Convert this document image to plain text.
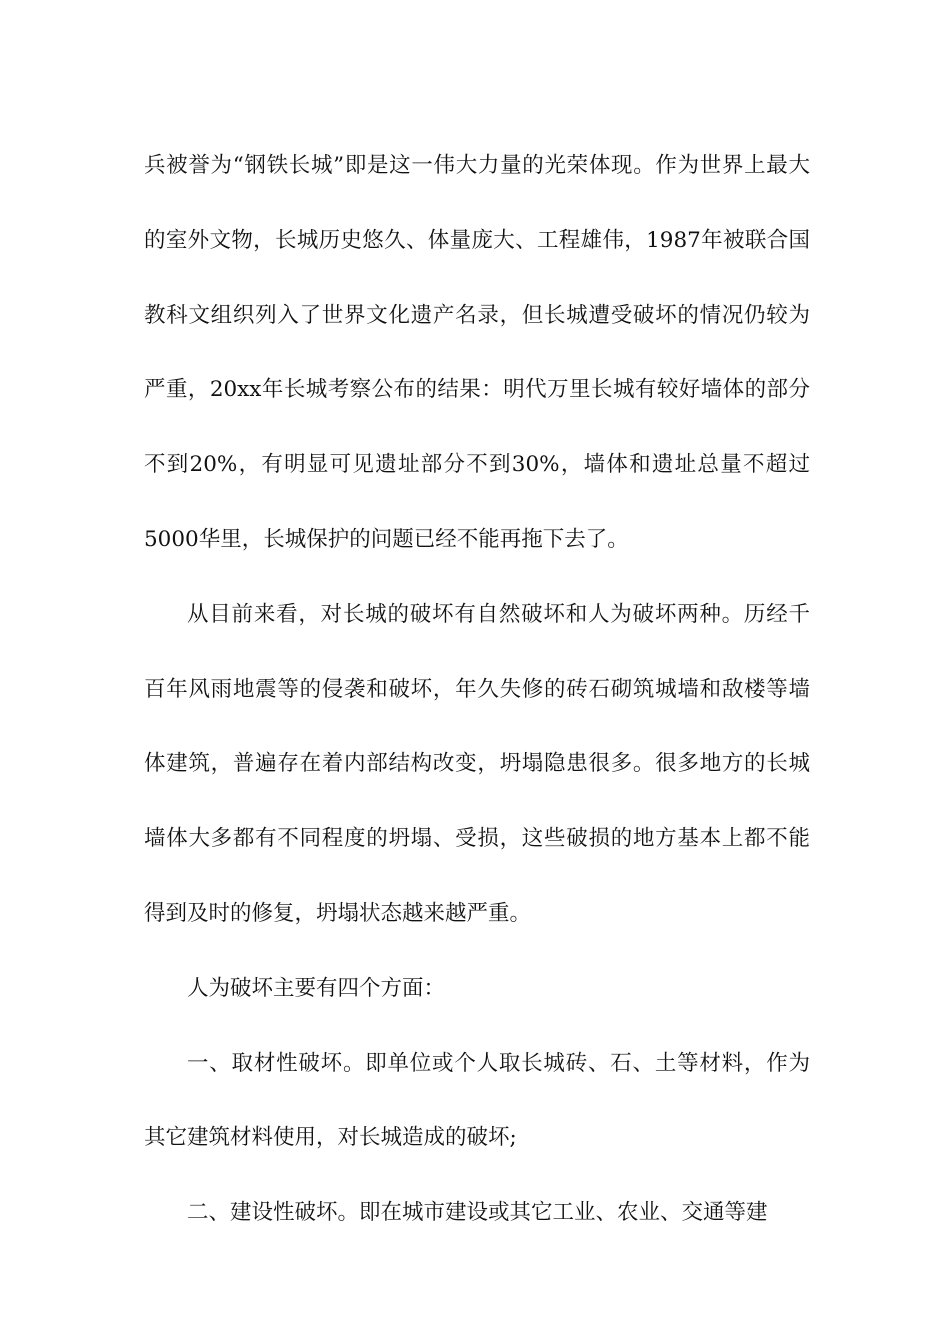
兵被誉为“钢铁长城”即是这一伟大力量的光荣体现。作为世界上最大的室外文物，长城历史悠久、体量庞大、工程雄伟，1987年被联合国教科文组织列入了世界文化遗产名录，但长城遭受破坏的情况仍较为严重，20xx年长城考察公布的结果：明代万里长城有较好墙体的部分不到20%，有明显可见遗址部分不到30%，墙体和遗址总量不超过5000华里，长城保护的问题已经不能再拖下去了。

从目前来看，对长城的破坏有自然破坏和人为破坏两种。历经千百年风雨地震等的侵袭和破坏，年久失修的砖石砌筑城墙和敌楼等墙体建筑，普遍存在着内部结构改变，坍塌隐患很多。很多地方的长城墙体大多都有不同程度的坍塌、受损，这些破损的地方基本上都不能得到及时的修复，坍塌状态越来越严重。

人为破坏主要有四个方面：

一、取材性破坏。即单位或个人取长城砖、石、土等材料，作为其它建筑材料使用，对长城造成的破坏;

二、建设性破坏。即在城市建设或其它工业、农业、交通等建
